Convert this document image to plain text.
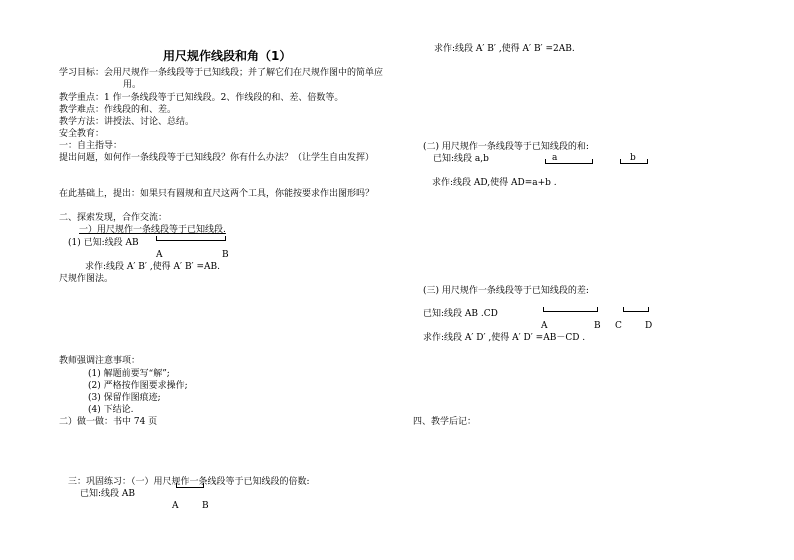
用尺规作线段和角（1）
学习目标：会用尺规作一条线段等于已知线段；并了解它们在尺规作图中的简单应
用。
教学重点：1 作一条线段等于已知线段。2、作线段的和、差、倍数等。
教学难点：作线段的和、差。
教学方法：讲授法、讨论、总结。
安全教育：
一：自主指导：
提出问题，如何作一条线段等于已知线段？你有什么办法？（让学生自由发挥）
在此基础上，提出：如果只有圆规和直尺这两个工具，你能按要求作出图形吗？
二、探索发现，合作交流：
一）用尺规作一条线段等于已知线段.
(1) 已知:线段 AB
A	B
求作:线段 A′ B′ ,使得 A′ B′ =AB.
尺规作图法。
教师强调注意事项：
(1) 解题前要写“解”;
(2) 严格按作图要求操作;
(3) 保留作图痕迹;
(4) 下结论.
二）做一做：书中 74 页
三：巩固练习：（一）用尺规作一条线段等于已知线段的倍数:
已知:线段 AB
A	B
求作:线段 A′ B′ ,使得 A′ B′ =2AB.
(二) 用尺规作一条线段等于已知线段的和:
已知:线段 a,b	a	b
求作:线段 AD,使得 AD=a+b .
(三) 用尺规作一条线段等于已知线段的差:
已知:线段 AB .CD
A	B C	D
求作:线段 A′ D′ ,使得 A′ D′ =AB－CD .
四、教学后记：
